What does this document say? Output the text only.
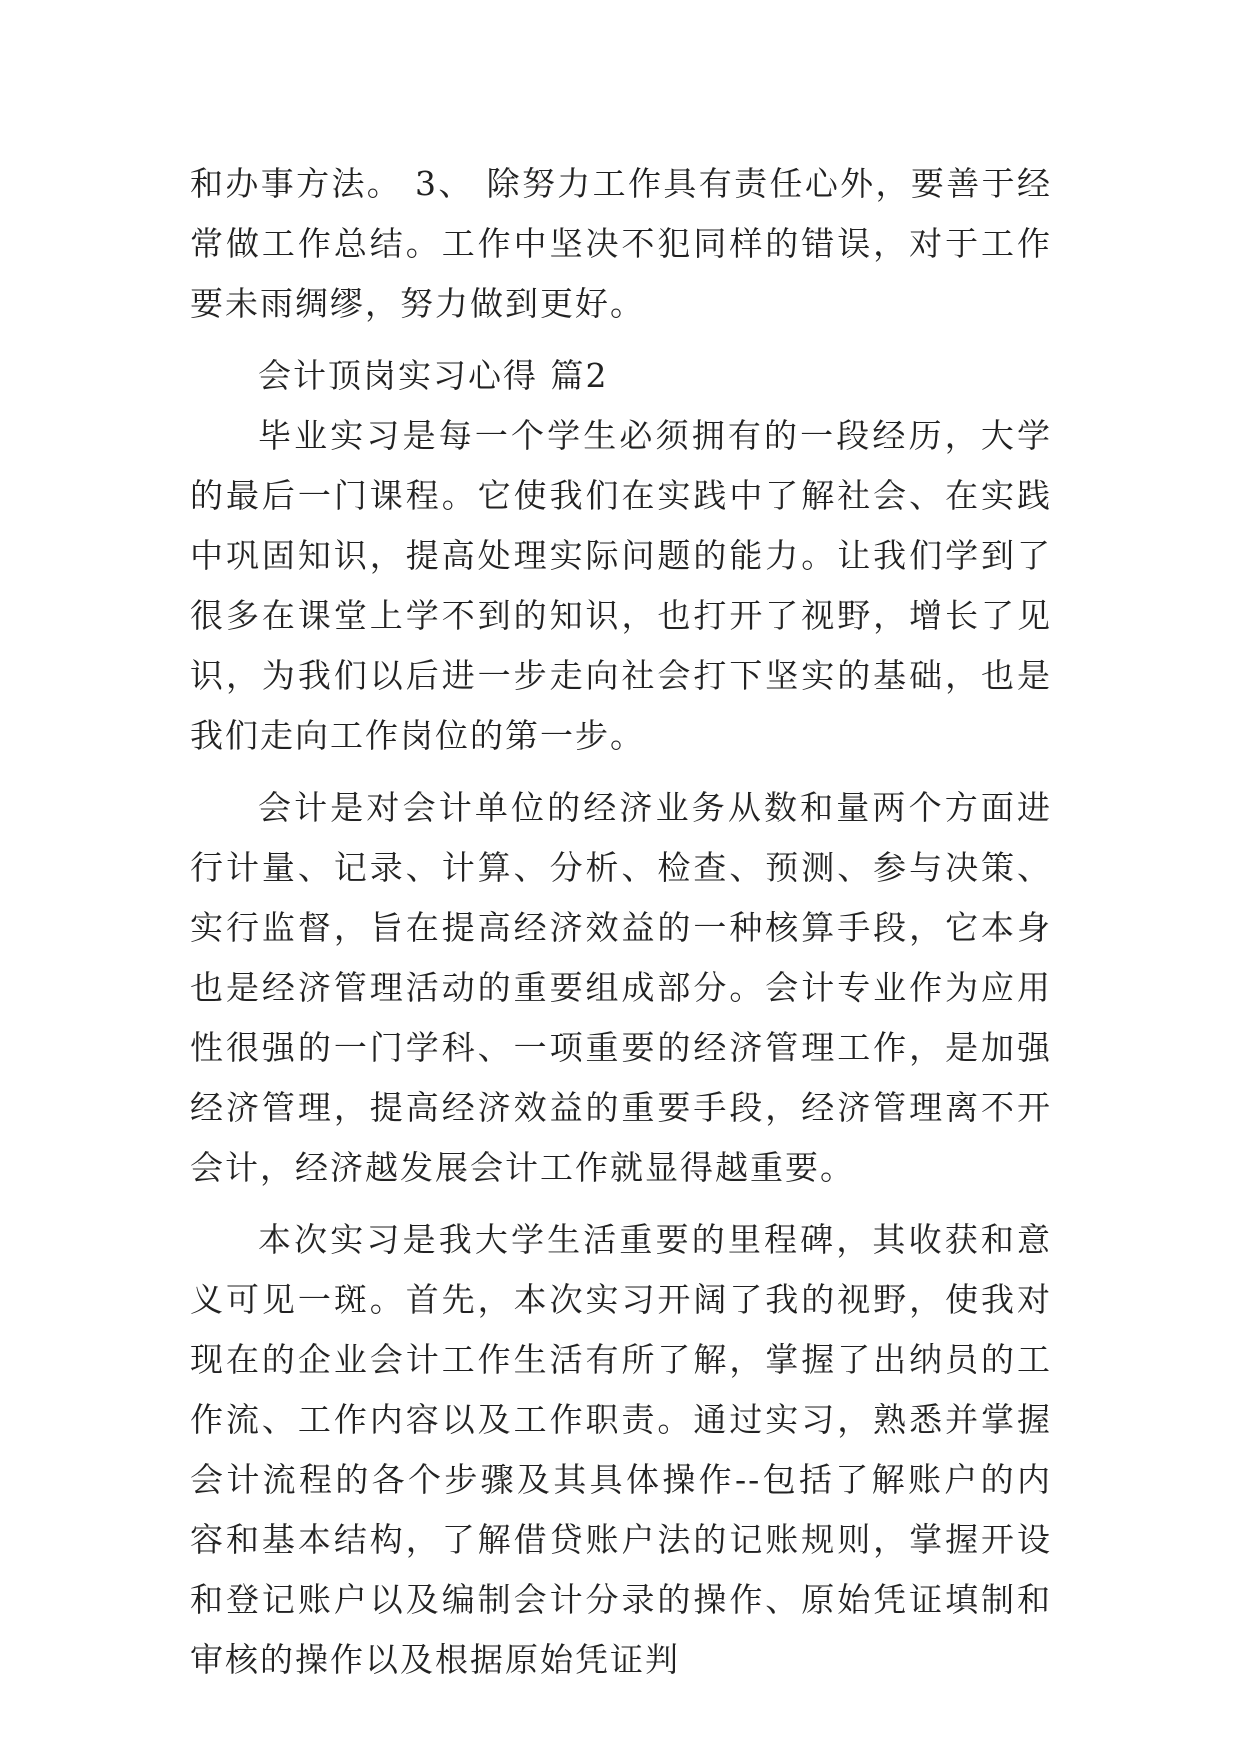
和办事方法。 3、 除努力工作具有责任心外，要善于经常做工作总结。工作中坚决不犯同样的错误，对于工作要未雨绸缪，努力做到更好。

会计顶岗实习心得 篇2

毕业实习是每一个学生必须拥有的一段经历，大学的最后一门课程。它使我们在实践中了解社会、在实践中巩固知识，提高处理实际问题的能力。让我们学到了很多在课堂上学不到的知识，也打开了视野，增长了见识，为我们以后进一步走向社会打下坚实的基础，也是我们走向工作岗位的第一步。

会计是对会计单位的经济业务从数和量两个方面进行计量、记录、计算、分析、检查、预测、参与决策、实行监督，旨在提高经济效益的一种核算手段，它本身也是经济管理活动的重要组成部分。会计专业作为应用性很强的一门学科、一项重要的经济管理工作，是加强经济管理，提高经济效益的重要手段，经济管理离不开会计，经济越发展会计工作就显得越重要。

本次实习是我大学生活重要的里程碑，其收获和意义可见一斑。首先，本次实习开阔了我的视野，使我对现在的企业会计工作生活有所了解，掌握了出纳员的工作流、工作内容以及工作职责。通过实习，熟悉并掌握会计流程的各个步骤及其具体操作--包括了解账户的内容和基本结构，了解借贷账户法的记账规则，掌握开设和登记账户以及编制会计分录的操作、原始凭证填制和审核的操作以及根据原始凭证判
